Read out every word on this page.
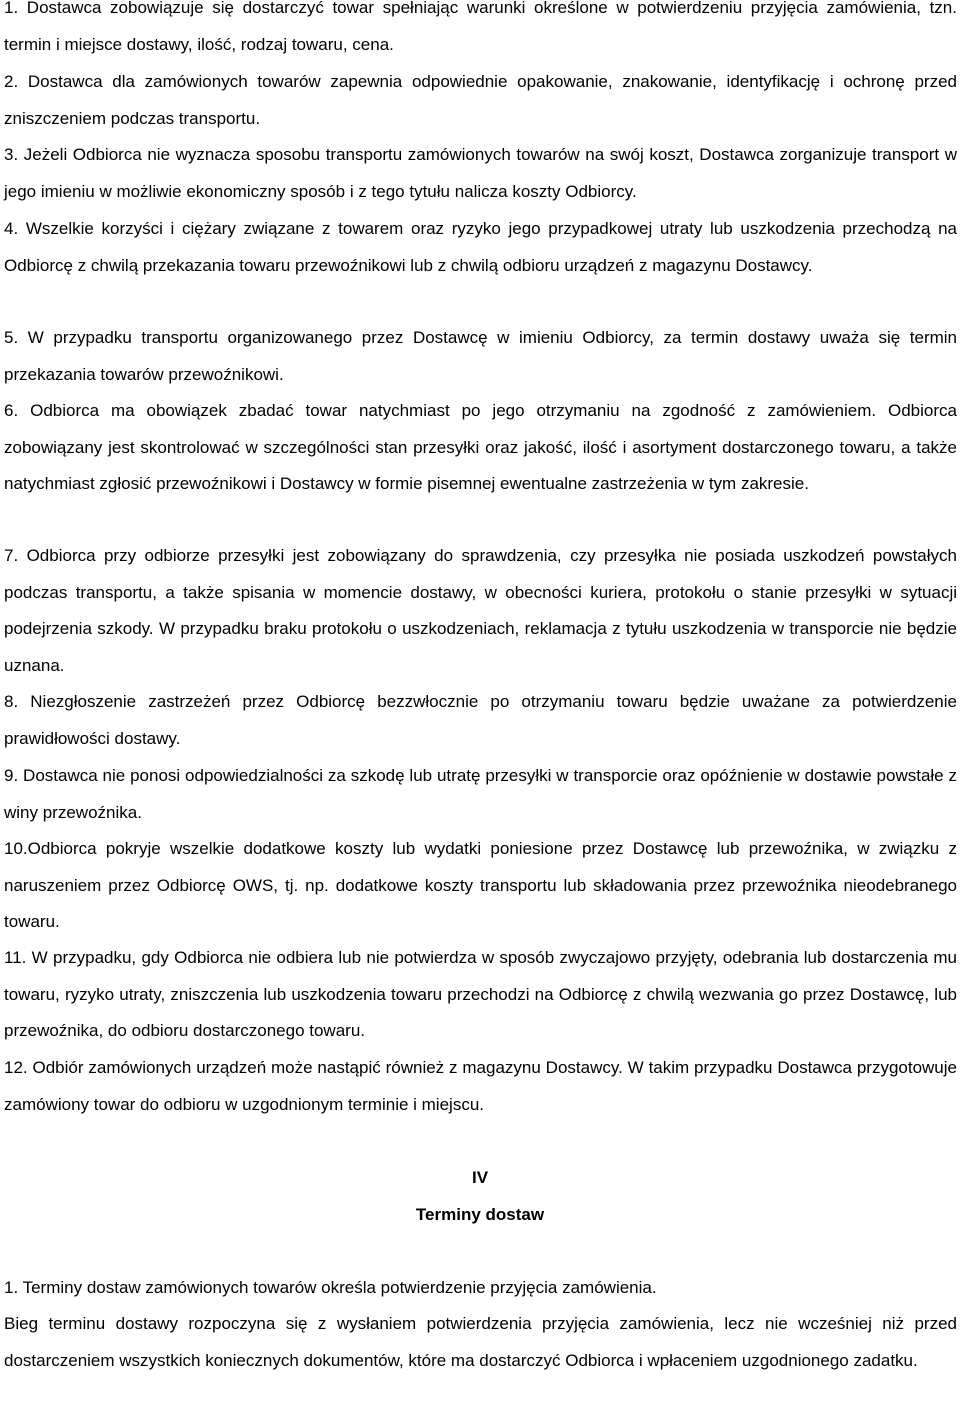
1. Dostawca zobowiązuje się dostarczyć towar spełniając warunki określone w potwierdzeniu przyjęcia zamówienia, tzn. termin i miejsce dostawy, ilość, rodzaj towaru, cena.

2. Dostawca dla zamówionych towarów zapewnia odpowiednie opakowanie, znakowanie, identyfikację i ochronę przed zniszczeniem podczas transportu.

3. Jeżeli Odbiorca nie wyznacza sposobu transportu zamówionych towarów na swój koszt, Dostawca zorganizuje transport w jego imieniu w możliwie ekonomiczny sposób i z tego tytułu nalicza koszty Odbiorcy.

4. Wszelkie korzyści i ciężary związane z towarem oraz ryzyko jego przypadkowej utraty lub uszkodzenia przechodzą na Odbiorcę z chwilą przekazania towaru przewoźnikowi lub z chwilą odbioru urządzeń z magazynu Dostawcy.

5. W przypadku transportu organizowanego przez Dostawcę w imieniu Odbiorcy, za termin dostawy uważa się termin przekazania towarów przewoźnikowi.

6. Odbiorca ma obowiązek zbadać towar natychmiast po jego otrzymaniu na zgodność z zamówieniem. Odbiorca zobowiązany jest skontrolować w szczególności stan przesyłki oraz jakość, ilość i asortyment dostarczonego towaru, a także natychmiast zgłosić przewoźnikowi i Dostawcy w formie pisemnej ewentualne zastrzeżenia w tym zakresie.

7. Odbiorca przy odbiorze przesyłki jest zobowiązany do sprawdzenia, czy przesyłka nie posiada uszkodzeń powstałych podczas transportu, a także spisania w momencie dostawy, w obecności kuriera, protokołu o stanie przesyłki w sytuacji podejrzenia szkody. W przypadku braku protokołu o uszkodzeniach, reklamacja z tytułu uszkodzenia w transporcie nie będzie uznana.

8. Niezgłoszenie zastrzeżeń przez Odbiorcę bezzwłocznie po otrzymaniu towaru będzie uważane za potwierdzenie prawidłowości dostawy.

9. Dostawca nie ponosi odpowiedzialności za szkodę lub utratę przesyłki w transporcie oraz opóźnienie w dostawie powstałe z winy przewoźnika.

10.Odbiorca pokryje wszelkie dodatkowe koszty lub wydatki poniesione przez Dostawcę lub przewoźnika, w związku z naruszeniem przez Odbiorcę OWS, tj. np. dodatkowe koszty transportu lub składowania przez przewoźnika nieodebranego towaru.

11. W przypadku, gdy Odbiorca nie odbiera lub nie potwierdza w sposób zwyczajowo przyjęty, odebrania lub dostarczenia mu towaru, ryzyko utraty, zniszczenia lub uszkodzenia towaru przechodzi na Odbiorcę z chwilą wezwania go przez Dostawcę, lub przewoźnika, do odbioru dostarczonego towaru.

12. Odbiór zamówionych urządzeń może nastąpić również z magazynu Dostawcy. W takim przypadku Dostawca przygotowuje zamówiony towar do odbioru w uzgodnionym terminie i miejscu.

IV

Terminy dostaw

1. Terminy dostaw zamówionych towarów określa potwierdzenie przyjęcia zamówienia.

Bieg terminu dostawy rozpoczyna się z wysłaniem potwierdzenia przyjęcia zamówienia, lecz nie wcześniej niż przed dostarczeniem wszystkich koniecznych dokumentów, które ma dostarczyć Odbiorca i wpłaceniem uzgodnionego zadatku.
